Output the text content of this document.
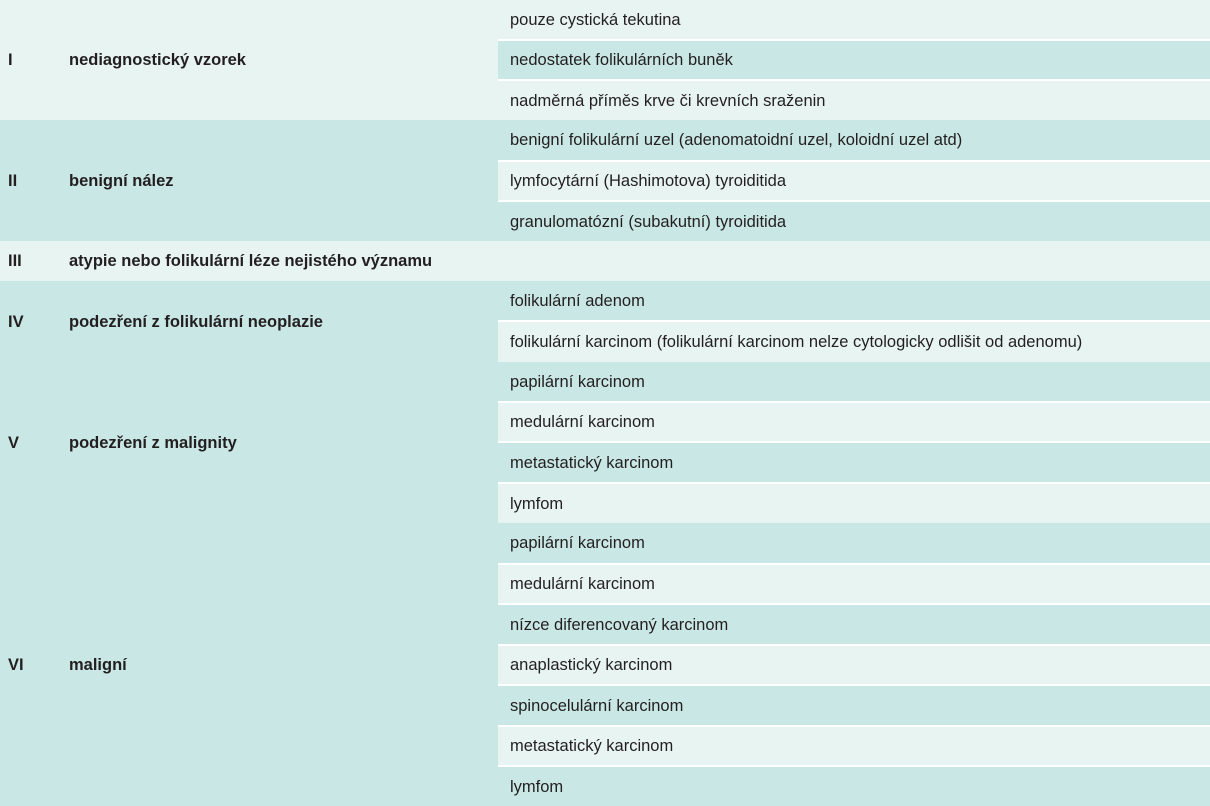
I	nediagnostický vzorek	pouze cystická tekutina
		nedostatek folikulárních buněk
		nadměrná příměs krve či krevních sraženin
II	benigní nález	benigní folikulární uzel (adenomatoidní uzel, koloidní uzel atd)
		lymfocytární (Hashimotova) tyroiditida
		granulomatózní (subakutní) tyroiditida
III	atypie nebo folikulární léze nejistého významu	
IV	podezření z folikulární neoplazie	folikulární adenom
		folikulární karcinom (folikulární karcinom nelze cytologicky odlišit od adenomu)
V	podezření z malignity	papilární karcinom
		medulární karcinom
		metastatický karcinom
		lymfom
VI	maligní	papilární karcinom
		medulární karcinom
		nízce diferencovaný karcinom
		anaplastický karcinom
		spinocelulární karcinom
		metastatický karcinom
		lymfom
